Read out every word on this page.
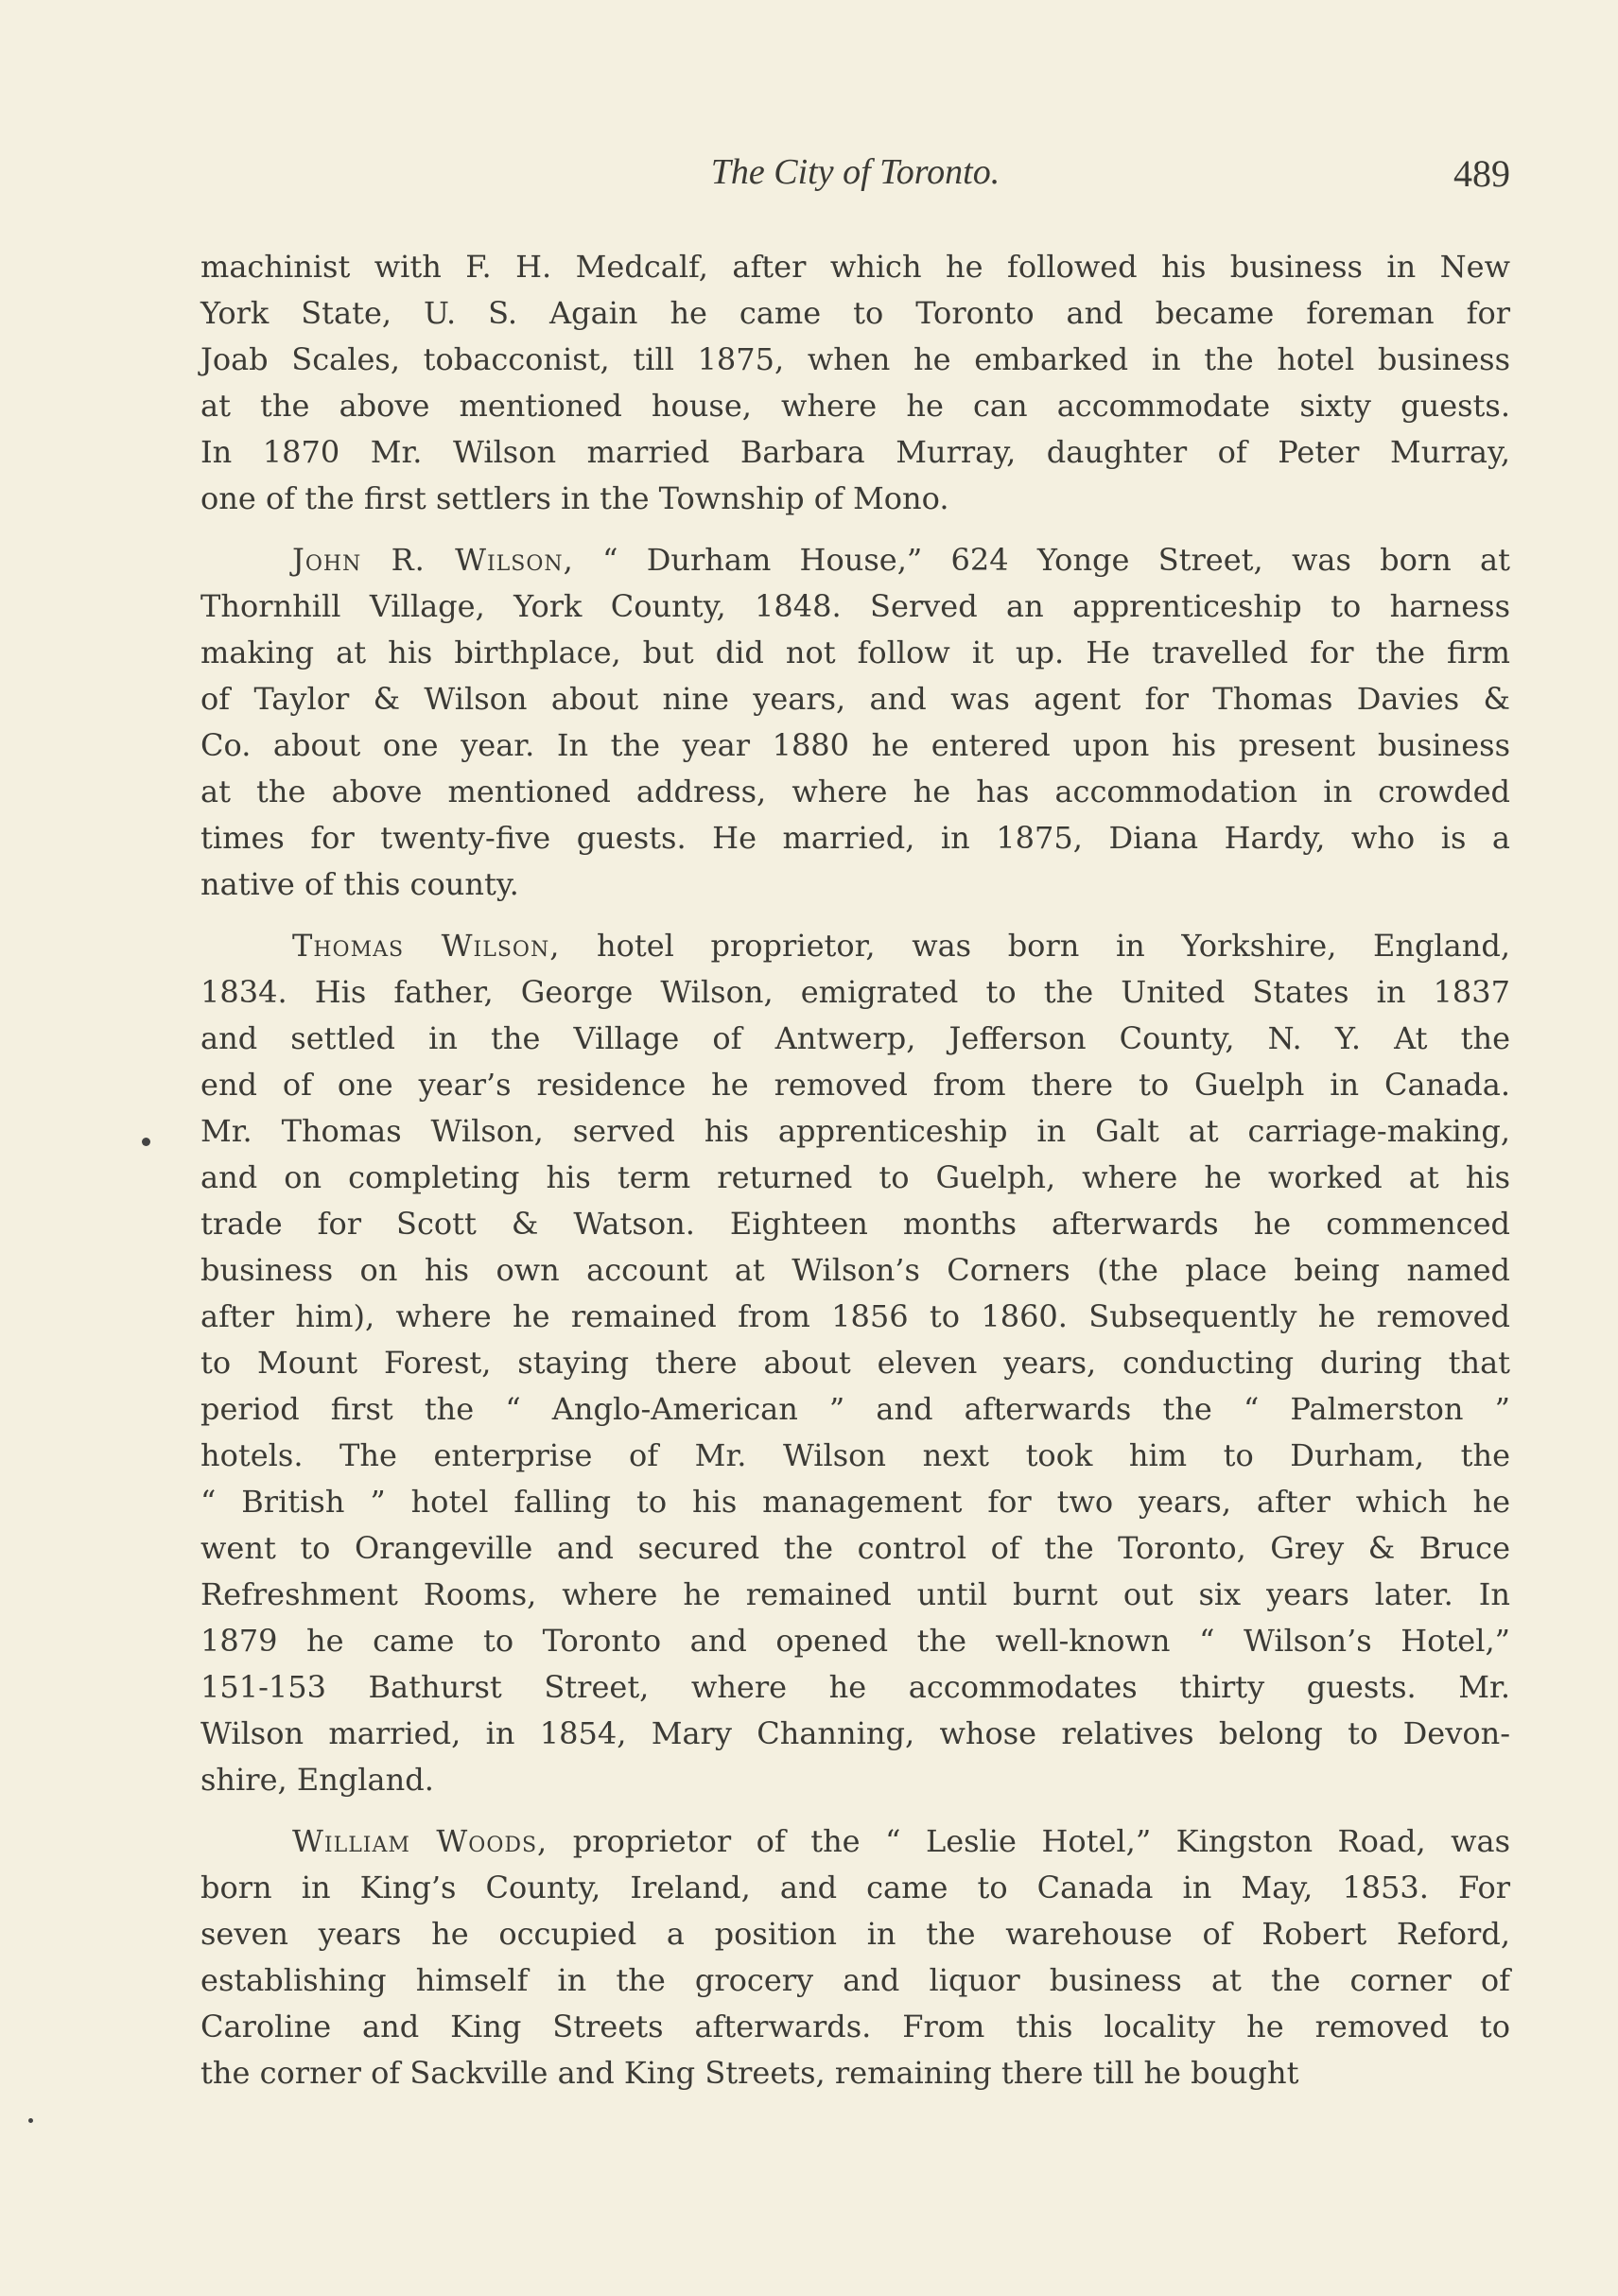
The City of Toronto.	489
machinist with F. H. Medcalf, after which he followed his business in New
York State, U. S. Again he came to Toronto and became foreman for
Joab Scales, tobacconist, till 1875, when he embarked in the hotel business
at the above mentioned house, where he can accommodate sixty guests.
In 1870 Mr. Wilson married Barbara Murray, daughter of Peter Murray,
one of the first settlers in the Township of Mono.
John R. Wilson, “ Durham House,” 624 Yonge Street, was born at
Thornhill Village, York County, 1848. Served an apprenticeship to harness
making at his birthplace, but did not follow it up. He travelled for the firm
of Taylor & Wilson about nine years, and was agent for Thomas Davies &
Co. about one year. In the year 1880 he entered upon his present business
at the above mentioned address, where he has accommodation in crowded
times for twenty-five guests. He married, in 1875, Diana Hardy, who is a
native of this county.
Thomas Wilson, hotel proprietor, was born in Yorkshire, England,
1834. His father, George Wilson, emigrated to the United States in 1837
and settled in the Village of Antwerp, Jefferson County, N. Y. At the
end of one year’s residence he removed from there to Guelph in Canada.
Mr. Thomas Wilson, served his apprenticeship in Galt at carriage-making,
and on completing his term returned to Guelph, where he worked at his
trade for Scott & Watson. Eighteen months afterwards he commenced
business on his own account at Wilson’s Corners (the place being named
after him), where he remained from 1856 to 1860. Subsequently he removed
to Mount Forest, staying there about eleven years, conducting during that
period first the “ Anglo-American ” and afterwards the “ Palmerston ”
hotels. The enterprise of Mr. Wilson next took him to Durham, the
“ British ” hotel falling to his management for two years, after which he
went to Orangeville and secured the control of the Toronto, Grey & Bruce
Refreshment Rooms, where he remained until burnt out six years later. In
1879 he came to Toronto and opened the well-known “ Wilson’s Hotel,”
151-153 Bathurst Street, where he accommodates thirty guests. Mr.
Wilson married, in 1854, Mary Channing, whose relatives belong to Devon-
shire, England.
William Woods, proprietor of the “ Leslie Hotel,” Kingston Road, was
born in King’s County, Ireland, and came to Canada in May, 1853. For
seven years he occupied a position in the warehouse of Robert Reford,
establishing himself in the grocery and liquor business at the corner of
Caroline and King Streets afterwards. From this locality he removed to
the corner of Sackville and King Streets, remaining there till he bought
